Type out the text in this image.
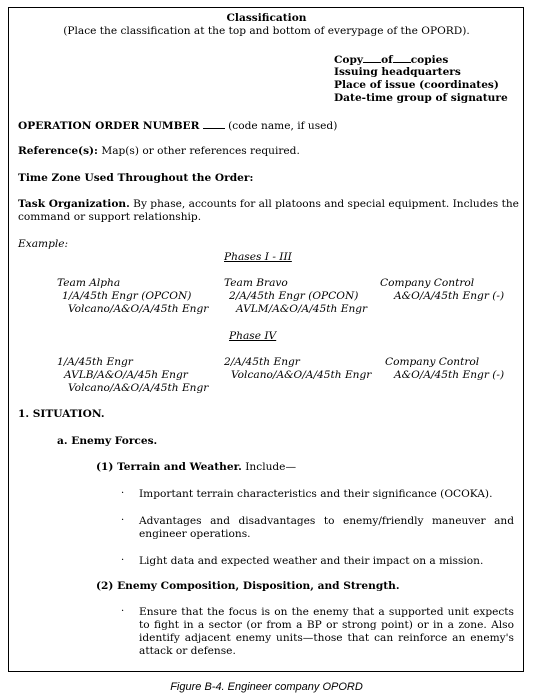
Classification
(Place the classification at the top and bottom of everypage of the OPORD).
Copy of copies
Issuing headquarters
Place of issue (coordinates)
Date-time group of signature
OPERATION ORDER NUMBER	(code name, if used)
Reference(s): Map(s) or other references required.
Time Zone Used Throughout the Order:
Task Organization. By phase, accounts for all platoons and special equipment. Includes the
command or support relationship.
Example:
Phases I - III
Team Alpha
1/A/45th Engr (OPCON)
Volcano/A&O/A/45th Engr
Team Bravo
2/A/45th Engr (OPCON)
AVLM/A&O/A/45th Engr
Company Control
A&O/A/45th Engr (-)
Phase IV
1/A/45th Engr
AVLB/A&O/A/45h Engr
Volcano/A&O/A/45th Engr
2/A/45th Engr
Volcano/A&O/A/45th Engr
Company Control
A&O/A/45th Engr (-)
1. SITUATION.
a. Enemy Forces.
(1) Terrain and Weather. Include—
· Important terrain characteristics and their significance (OCOKA).
· Advantages and disadvantages to enemy/friendly maneuver and engineer operations.
· Light data and expected weather and their impact on a mission.
(2) Enemy Composition, Disposition, and Strength.
· Ensure that the focus is on the enemy that a supported unit expects to fight in a sector (or from a BP or strong point) or in a zone. Also identify adjacent enemy units—those that can reinforce an enemy's attack or defense.
Figure B-4. Engineer company OPORD
